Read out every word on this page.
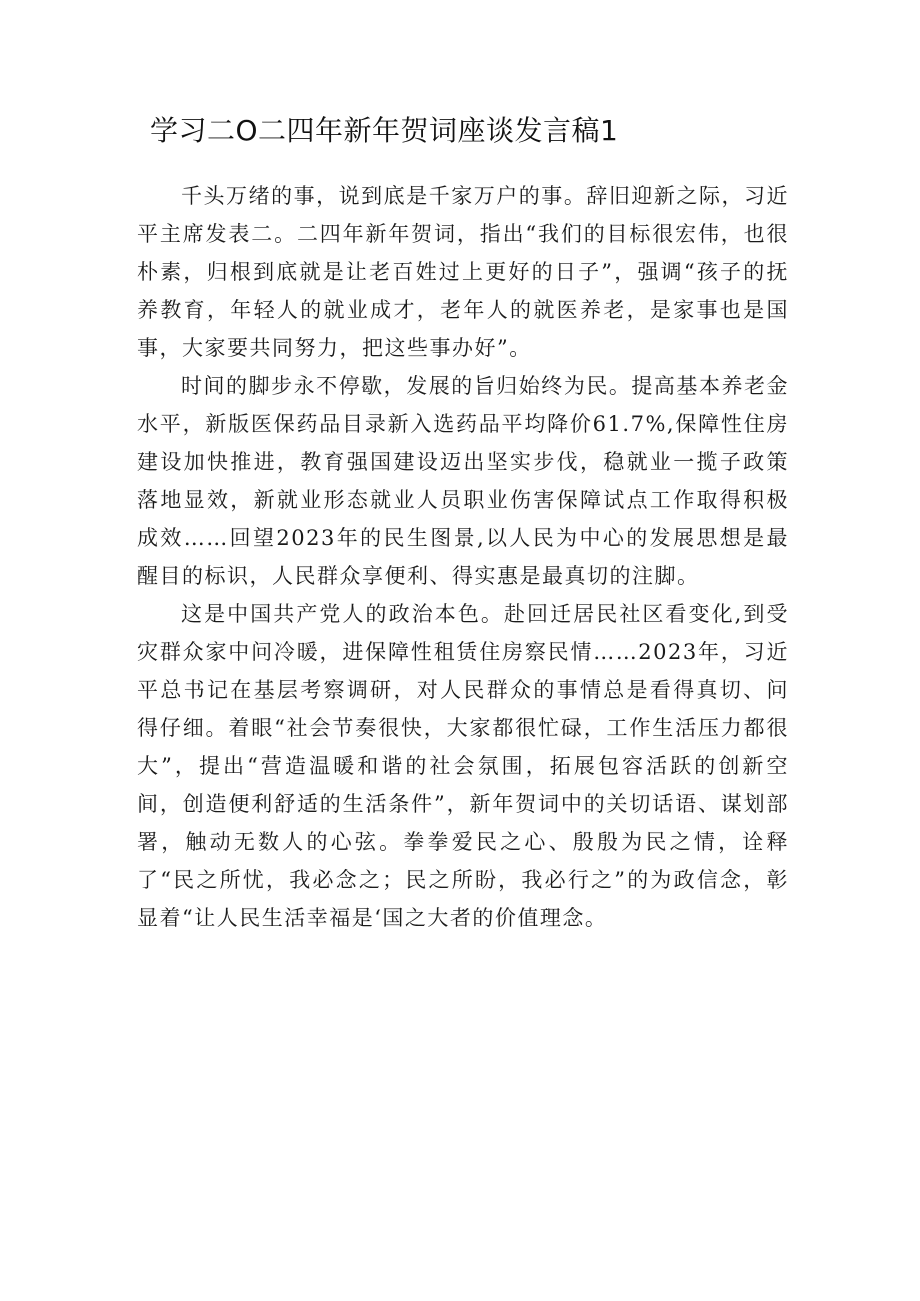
学习二O二四年新年贺词座谈发言稿1

千头万绪的事，说到底是千家万户的事。辞旧迎新之际，习近平主席发表二。二四年新年贺词，指出“我们的目标很宏伟，也很朴素，归根到底就是让老百姓过上更好的日子”，强调“孩子的抚养教育，年轻人的就业成才，老年人的就医养老，是家事也是国事，大家要共同努力，把这些事办好”。

时间的脚步永不停歇，发展的旨归始终为民。提高基本养老金水平，新版医保药品目录新入选药品平均降价61.7%,保障性住房建设加快推进，教育强国建设迈出坚实步伐，稳就业一揽子政策落地显效，新就业形态就业人员职业伤害保障试点工作取得积极成效……回望2023年的民生图景,以人民为中心的发展思想是最醒目的标识，人民群众享便利、得实惠是最真切的注脚。

这是中国共产党人的政治本色。赴回迁居民社区看变化,到受灾群众家中问冷暖，进保障性租赁住房察民情……2023年，习近平总书记在基层考察调研，对人民群众的事情总是看得真切、问得仔细。着眼“社会节奏很快，大家都很忙碌，工作生活压力都很大”，提出“营造温暖和谐的社会氛围，拓展包容活跃的创新空间，创造便利舒适的生活条件”，新年贺词中的关切话语、谋划部署，触动无数人的心弦。拳拳爱民之心、殷殷为民之情，诠释了“民之所忧，我必念之；民之所盼，我必行之”的为政信念，彰显着“让人民生活幸福是‘国之大者的价值理念。
